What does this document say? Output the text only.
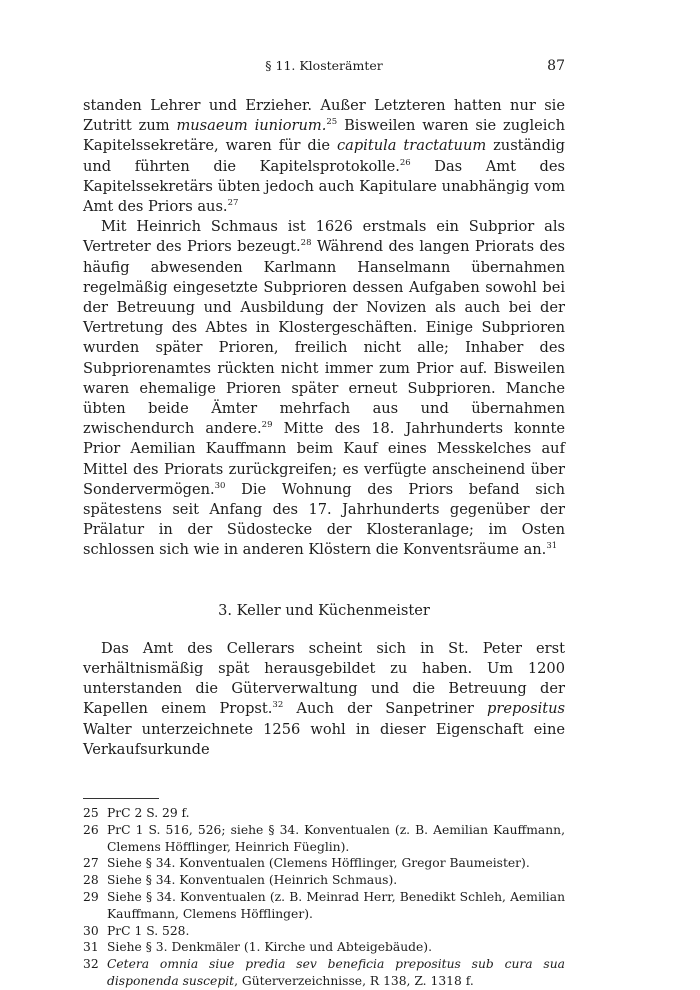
§ 11. Klosterämter	87

standen Lehrer und Erzieher. Außer Letzteren hatten nur sie Zutritt zum musaeum iuniorum.$^{25}$ Bisweilen waren sie zugleich Kapitelssekretäre, waren für die capitula tractatuum zuständig und führten die Kapitelsprotokolle.$^{26}$ Das Amt des Kapitelssekretärs übten jedoch auch Kapitulare unabhängig vom Amt des Priors aus.$^{27}$

Mit Heinrich Schmaus ist 1626 erstmals ein Subprior als Vertreter des Priors bezeugt.$^{28}$ Während des langen Priorats des häufig abwesenden Karlmann Hanselmann übernahmen regelmäßig eingesetzte Subprioren dessen Aufgaben sowohl bei der Betreuung und Ausbildung der Novizen als auch bei der Vertretung des Abtes in Klostergeschäften. Einige Subprioren wurden später Prioren, freilich nicht alle; Inhaber des Subpriorenamtes rückten nicht immer zum Prior auf. Bisweilen waren ehemalige Prioren später erneut Subprioren. Manche übten beide Ämter mehrfach aus und übernahmen zwischendurch andere.$^{29}$ Mitte des 18. Jahrhunderts konnte Prior Aemilian Kauffmann beim Kauf eines Messkelches auf Mittel des Priorats zurückgreifen; es verfügte anscheinend über Sondervermögen.$^{30}$ Die Wohnung des Priors befand sich spätestens seit Anfang des 17. Jahrhunderts gegenüber der Prälatur in der Südostecke der Klosteranlage; im Osten schlossen sich wie in anderen Klöstern die Konventsräume an.$^{31}$

3. Keller und Küchenmeister

Das Amt des Cellerars scheint sich in St. Peter erst verhältnismäßig spät herausgebildet zu haben. Um 1200 unterstanden die Güterverwaltung und die Betreuung der Kapellen einem Propst.$^{32}$ Auch der Sanpetriner prepositus Walter unterzeichnete 1256 wohl in dieser Eigenschaft eine Verkaufsurkunde

25 PrC 2 S. 29 f.
26 PrC 1 S. 516, 526; siehe § 34. Konventualen (z. B. Aemilian Kauffmann, Clemens Höfflinger, Heinrich Füeglin).
27 Siehe § 34. Konventualen (Clemens Höfflinger, Gregor Baumeister).
28 Siehe § 34. Konventualen (Heinrich Schmaus).
29 Siehe § 34. Konventualen (z. B. Meinrad Herr, Benedikt Schleh, Aemilian Kauffmann, Clemens Höfflinger).
30 PrC 1 S. 528.
31 Siehe § 3. Denkmäler (1. Kirche und Abteigebäude).
32 Cetera omnia siue predia sev beneficia prepositus sub cura sua disponenda suscepit, Güterverzeichnisse, R 138, Z. 1318 f.
